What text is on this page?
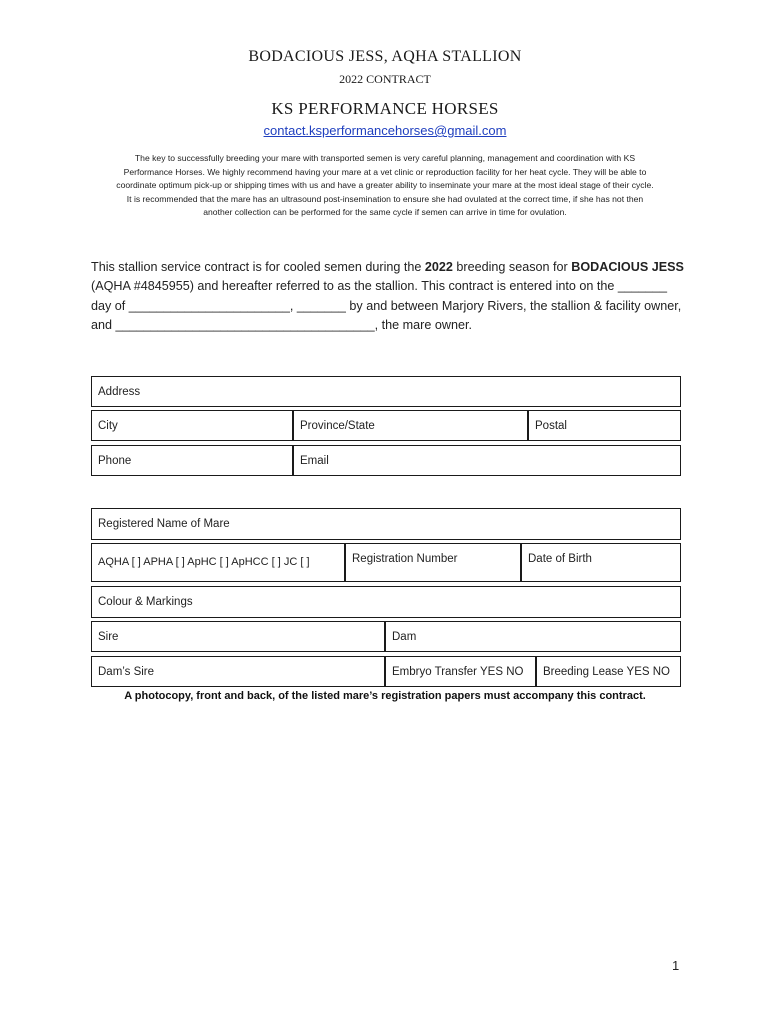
BODACIOUS JESS, AQHA STALLION
2022 CONTRACT
KS PERFORMANCE HORSES
contact.ksperformancehorses@gmail.com
The key to successfully breeding your mare with transported semen is very careful planning, management and coordination with KS
Performance Horses. We highly recommend having your mare at a vet clinic or reproduction facility for her heat cycle. They will be able to
coordinate optimum pick-up or shipping times with us and have a greater ability to inseminate your mare at the most ideal stage of their cycle.
It is recommended that the mare has an ultrasound post-insemination to ensure she had ovulated at the correct time, if she has not then
another collection can be performed for the same cycle if semen can arrive in time for ovulation.
This stallion service contract is for cooled semen during the 2022 breeding season for BODACIOUS JESS
(AQHA #4845955) and hereafter referred to as the stallion. This contract is entered into on the _______
day of _______________________, _______ by and between Marjory Rivers, the stallion & facility owner,
and _____________________________________, the mare owner.
Address
City	Province/State	Postal
Phone	Email
Registered Name of Mare
AQHA [ ] APHA [ ] ApHC [ ] ApHCC [ ] JC [ ]	Registration Number	Date of Birth
Colour & Markings
Sire	Dam
Dam’s Sire	Embryo Transfer YES NO Breeding Lease YES NO
A photocopy, front and back, of the listed mare’s registration papers must accompany this contract.
1
